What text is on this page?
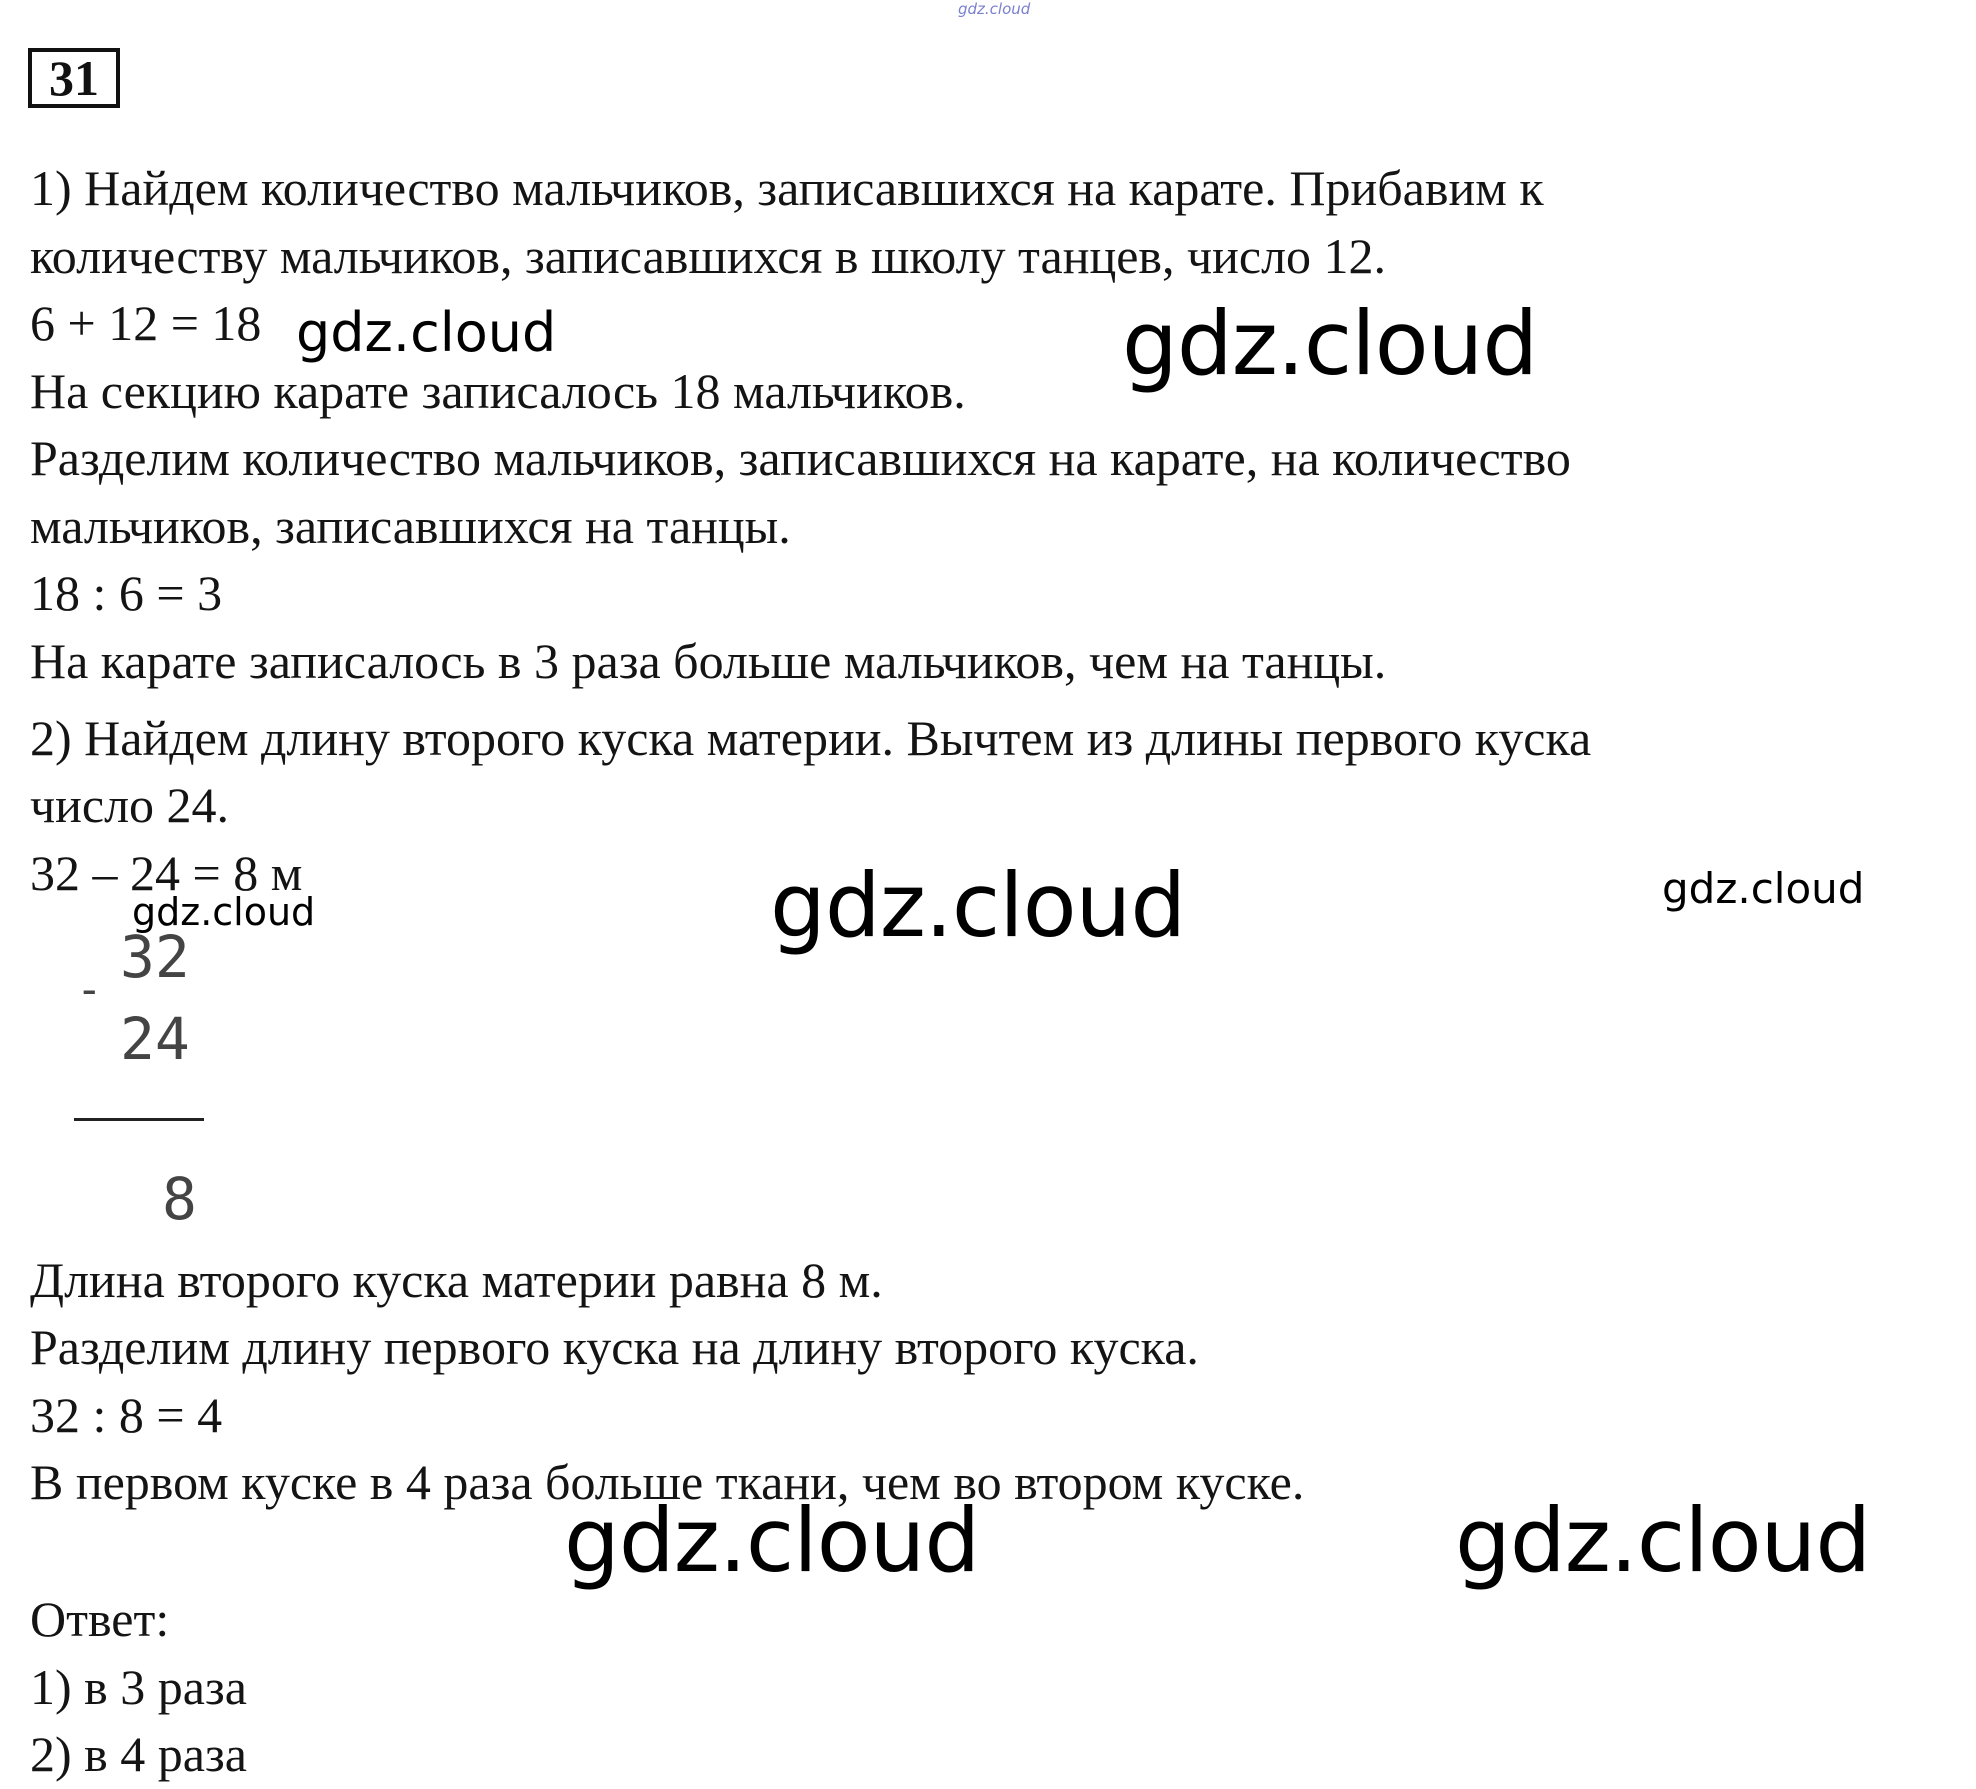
gdz.cloud
31
1) Найдем количество мальчиков, записавшихся на карате. Прибавим к
количеству мальчиков, записавшихся в школу танцев, число 12.
6 + 12 = 18
На секцию карате записалось 18 мальчиков.
Разделим количество мальчиков, записавшихся на карате, на количество
мальчиков, записавшихся на танцы.
18 : 6 = 3
На карате записалось в 3 раза больше мальчиков, чем на танцы.
2) Найдем длину второго куска материи. Вычтем из длины первого куска
число 24.
32 – 24 = 8 м
32
-
24
8
Длина второго куска материи равна 8 м.
Разделим длину первого куска на длину второго куска.
32 : 8 = 4
В первом куске в 4 раза больше ткани, чем во втором куске.
Ответ:
1) в 3 раза
2) в 4 раза
gdz.cloud	gdz.cloud
gdz.cloud	gdz.cloud
gdz.cloud
gdz.cloud	gdz.cloud
